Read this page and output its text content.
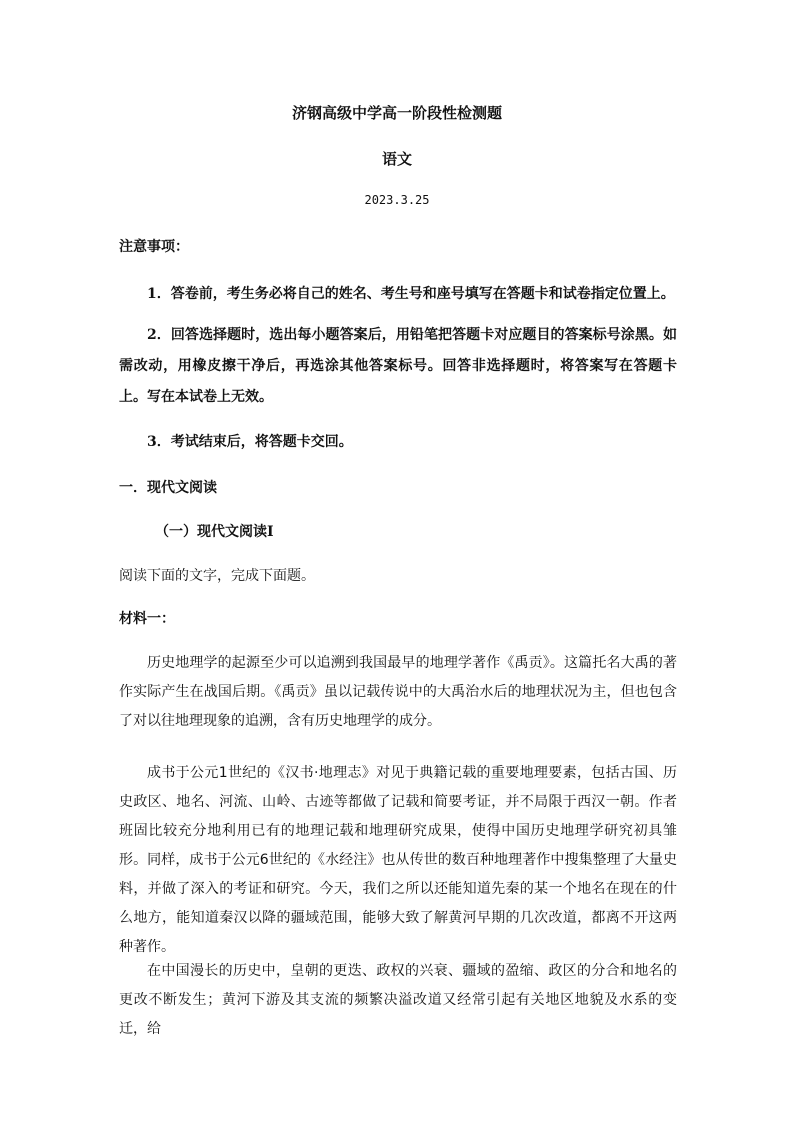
济钢高级中学高一阶段性检测题
语文
2023.3.25
注意事项：
1．答卷前，考生务必将自己的姓名、考生号和座号填写在答题卡和试卷指定位置上。
2．回答选择题时，选出每小题答案后，用铅笔把答题卡对应题目的答案标号涂黑。如需改动，用橡皮擦干净后，再选涂其他答案标号。回答非选择题时，将答案写在答题卡上。写在本试卷上无效。
3．考试结束后，将答题卡交回。
一．现代文阅读
（一）现代文阅读Ⅰ
阅读下面的文字，完成下面题。
材料一：
历史地理学的起源至少可以追溯到我国最早的地理学著作《禹贡》。这篇托名大禹的著作实际产生在战国后期。《禹贡》虽以记载传说中的大禹治水后的地理状况为主，但也包含了对以往地理现象的追溯，含有历史地理学的成分。
成书于公元1世纪的《汉书·地理志》对见于典籍记载的重要地理要素，包括古国、历史政区、地名、河流、山岭、古迹等都做了记载和简要考证，并不局限于西汉一朝。作者班固比较充分地利用已有的地理记载和地理研究成果，使得中国历史地理学研究初具雏形。同样，成书于公元6世纪的《水经注》也从传世的数百种地理著作中搜集整理了大量史料，并做了深入的考证和研究。今天，我们之所以还能知道先秦的某一个地名在现在的什么地方，能知道秦汉以降的疆域范围，能够大致了解黄河早期的几次改道，都离不开这两种著作。
在中国漫长的历史中，皇朝的更迭、政权的兴衰、疆域的盈缩、政区的分合和地名的更改不断发生；黄河下游及其支流的频繁决溢改道又经常引起有关地区地貌及水系的变迁，给
